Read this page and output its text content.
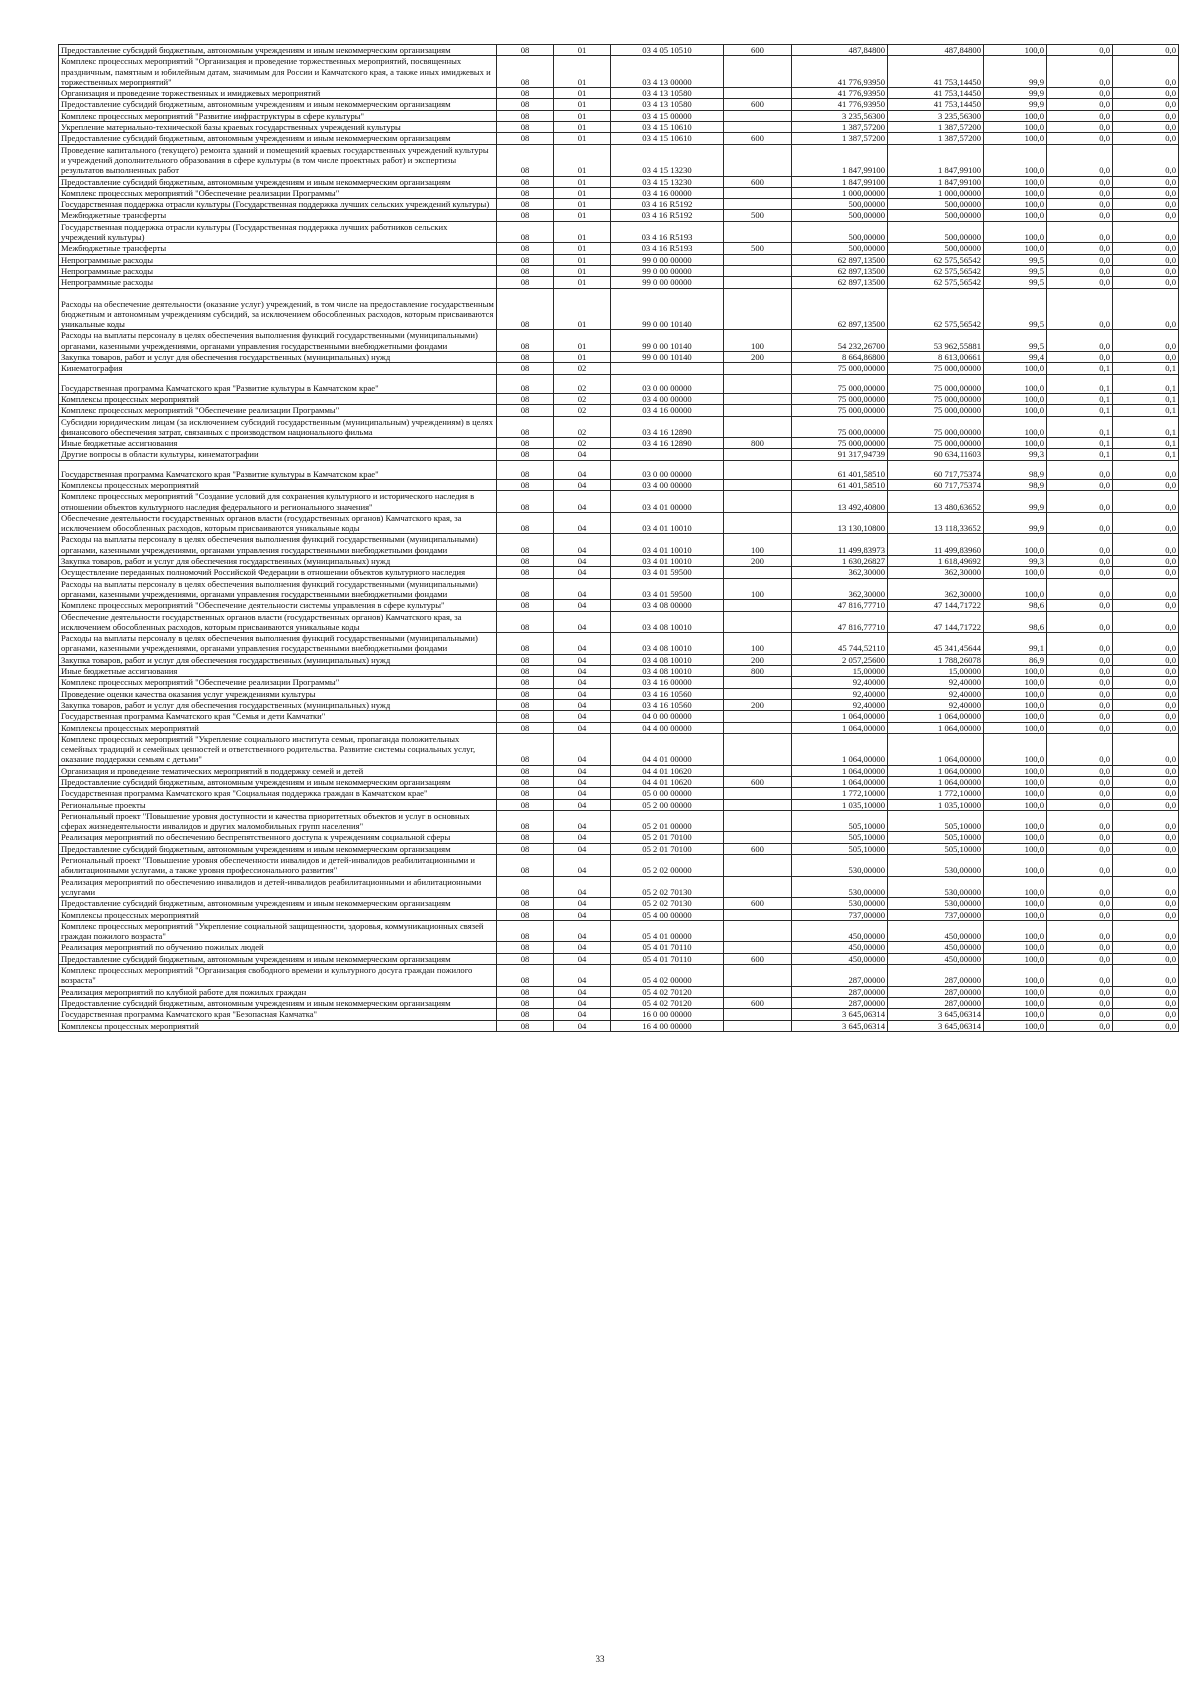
Предоставление субсидий бюджетным, автономным учреждениям и иным некоммерческим организациям	08	01	03 4 05 10510	600	487,84800	487,84800	100,0	0,0	0,0
Комплекс процессных мероприятий "Организация и проведение торжественных мероприятий, посвященных праздничным, памятным и юбилейным датам, значимым для России и Камчатского края, а также иных имиджевых и торжественных мероприятий"	08	01	03 4 13 00000		41 776,93950	41 753,14450	99,9	0,0	0,0
Организация и проведение торжественных и имиджевых мероприятий	08	01	03 4 13 10580		41 776,93950	41 753,14450	99,9	0,0	0,0
Предоставление субсидий бюджетным, автономным учреждениям и иным некоммерческим организациям	08	01	03 4 13 10580	600	41 776,93950	41 753,14450	99,9	0,0	0,0
Комплекс процессных мероприятий "Развитие инфраструктуры в сфере культуры"	08	01	03 4 15 00000		3 235,56300	3 235,56300	100,0	0,0	0,0
Укрепление материально-технической базы краевых государственных учреждений культуры	08	01	03 4 15 10610		1 387,57200	1 387,57200	100,0	0,0	0,0
Предоставление субсидий бюджетным, автономным учреждениям и иным некоммерческим организациям	08	01	03 4 15 10610	600	1 387,57200	1 387,57200	100,0	0,0	0,0
Проведение капитального (текущего) ремонта зданий и помещений краевых государственных учреждений культуры и учреждений дополнительного образования в сфере культуры (в том числе проектных работ) и экспертизы результатов выполненных работ	08	01	03 4 15 13230		1 847,99100	1 847,99100	100,0	0,0	0,0
Предоставление субсидий бюджетным, автономным учреждениям и иным некоммерческим организациям	08	01	03 4 15 13230	600	1 847,99100	1 847,99100	100,0	0,0	0,0
Комплекс процессных мероприятий "Обеспечение реализации Программы"	08	01	03 4 16 00000		1 000,00000	1 000,00000	100,0	0,0	0,0
Государственная поддержка отрасли культуры (Государственная поддержка лучших сельских учреждений культуры)	08	01	03 4 16 R5192		500,00000	500,00000	100,0	0,0	0,0
Межбюджетные трансферты	08	01	03 4 16 R5192	500	500,00000	500,00000	100,0	0,0	0,0
Государственная поддержка отрасли культуры (Государственная поддержка лучших работников сельских учреждений культуры)	08	01	03 4 16 R5193		500,00000	500,00000	100,0	0,0	0,0
Межбюджетные трансферты	08	01	03 4 16 R5193	500	500,00000	500,00000	100,0	0,0	0,0
Непрограммные расходы	08	01	99 0 00 00000		62 897,13500	62 575,56542	99,5	0,0	0,0
Непрограммные расходы	08	01	99 0 00 00000		62 897,13500	62 575,56542	99,5	0,0	0,0
Непрограммные расходы	08	01	99 0 00 00000		62 897,13500	62 575,56542	99,5	0,0	0,0
Расходы на обеспечение деятельности (оказание услуг) учреждений, в том числе на предоставление государственным бюджетным и автономным учреждениям субсидий, за исключением обособленных расходов, которым присваиваются уникальные коды	08	01	99 0 00 10140		62 897,13500	62 575,56542	99,5	0,0	0,0
Расходы на выплаты персоналу в целях обеспечения выполнения функций государственными (муниципальными) органами, казенными учреждениями, органами управления государственными внебюджетными фондами	08	01	99 0 00 10140	100	54 232,26700	53 962,55881	99,5	0,0	0,0
Закупка товаров, работ и услуг для обеспечения государственных (муниципальных) нужд	08	01	99 0 00 10140	200	8 664,86800	8 613,00661	99,4	0,0	0,0
Кинематография	08	02			75 000,00000	75 000,00000	100,0	0,1	0,1
Государственная программа Камчатского края "Развитие культуры в Камчатском крае"	08	02	03 0 00 00000		75 000,00000	75 000,00000	100,0	0,1	0,1
Комплексы процессных мероприятий	08	02	03 4 00 00000		75 000,00000	75 000,00000	100,0	0,1	0,1
Комплекс процессных мероприятий "Обеспечение реализации Программы"	08	02	03 4 16 00000		75 000,00000	75 000,00000	100,0	0,1	0,1
Субсидии юридическим лицам (за исключением субсидий государственным (муниципальным) учреждениям) в целях финансового обеспечения затрат, связанных с производством национального фильма	08	02	03 4 16 12890		75 000,00000	75 000,00000	100,0	0,1	0,1
Иные бюджетные ассигнования	08	02	03 4 16 12890	800	75 000,00000	75 000,00000	100,0	0,1	0,1
Другие вопросы в области культуры, кинематографии	08	04			91 317,94739	90 634,11603	99,3	0,1	0,1
Государственная программа Камчатского края "Развитие культуры в Камчатском крае"	08	04	03 0 00 00000		61 401,58510	60 717,75374	98,9	0,0	0,0
Комплексы процессных мероприятий	08	04	03 4 00 00000		61 401,58510	60 717,75374	98,9	0,0	0,0
Комплекс процессных мероприятий "Создание условий для сохранения культурного и исторического наследия в отношении объектов культурного наследия федерального и регионального значения"	08	04	03 4 01 00000		13 492,40800	13 480,63652	99,9	0,0	0,0
Обеспечение деятельности государственных органов власти (государственных органов) Камчатского края, за исключением обособленных расходов, которым присваиваются уникальные коды	08	04	03 4 01 10010		13 130,10800	13 118,33652	99,9	0,0	0,0
Расходы на выплаты персоналу в целях обеспечения выполнения функций государственными (муниципальными) органами, казенными учреждениями, органами управления государственными внебюджетными фондами	08	04	03 4 01 10010	100	11 499,83973	11 499,83960	100,0	0,0	0,0
Закупка товаров, работ и услуг для обеспечения государственных (муниципальных) нужд	08	04	03 4 01 10010	200	1 630,26827	1 618,49692	99,3	0,0	0,0
Осуществление переданных полномочий Российской Федерации в отношении объектов культурного наследия	08	04	03 4 01 59500		362,30000	362,30000	100,0	0,0	0,0
Расходы на выплаты персоналу в целях обеспечения выполнения функций государственными (муниципальными) органами, казенными учреждениями, органами управления государственными внебюджетными фондами	08	04	03 4 01 59500	100	362,30000	362,30000	100,0	0,0	0,0
Комплекс процессных мероприятий "Обеспечение деятельности системы управления в сфере культуры"	08	04	03 4 08 00000		47 816,77710	47 144,71722	98,6	0,0	0,0
Обеспечение деятельности государственных органов власти (государственных органов) Камчатского края, за исключением обособленных расходов, которым присваиваются уникальные коды	08	04	03 4 08 10010		47 816,77710	47 144,71722	98,6	0,0	0,0
Расходы на выплаты персоналу в целях обеспечения выполнения функций государственными (муниципальными) органами, казенными учреждениями, органами управления государственными внебюджетными фондами	08	04	03 4 08 10010	100	45 744,52110	45 341,45644	99,1	0,0	0,0
Закупка товаров, работ и услуг для обеспечения государственных (муниципальных) нужд	08	04	03 4 08 10010	200	2 057,25600	1 788,26078	86,9	0,0	0,0
Иные бюджетные ассигнования	08	04	03 4 08 10010	800	15,00000	15,00000	100,0	0,0	0,0
Комплекс процессных мероприятий "Обеспечение реализации Программы"	08	04	03 4 16 00000		92,40000	92,40000	100,0	0,0	0,0
Проведение оценки качества оказания услуг учреждениями культуры	08	04	03 4 16 10560		92,40000	92,40000	100,0	0,0	0,0
Закупка товаров, работ и услуг для обеспечения государственных (муниципальных) нужд	08	04	03 4 16 10560	200	92,40000	92,40000	100,0	0,0	0,0
Государственная программа Камчатского края "Семья и дети Камчатки"	08	04	04 0 00 00000		1 064,00000	1 064,00000	100,0	0,0	0,0
Комплексы процессных мероприятий	08	04	04 4 00 00000		1 064,00000	1 064,00000	100,0	0,0	0,0
Комплекс процессных мероприятий "Укрепление социального института семьи, пропаганда положительных семейных традиций и семейных ценностей и ответственного родительства. Развитие системы социальных услуг, оказание поддержки семьям с детьми"	08	04	04 4 01 00000		1 064,00000	1 064,00000	100,0	0,0	0,0
Организация и проведение тематических мероприятий в поддержку семей и детей	08	04	04 4 01 10620		1 064,00000	1 064,00000	100,0	0,0	0,0
Предоставление субсидий бюджетным, автономным учреждениям и иным некоммерческим организациям	08	04	04 4 01 10620	600	1 064,00000	1 064,00000	100,0	0,0	0,0
Государственная программа Камчатского края "Социальная поддержка граждан в Камчатском крае"	08	04	05 0 00 00000		1 772,10000	1 772,10000	100,0	0,0	0,0
Региональные проекты	08	04	05 2 00 00000		1 035,10000	1 035,10000	100,0	0,0	0,0
Региональный проект "Повышение уровня доступности и качества приоритетных объектов и услуг в основных сферах жизнедеятельности инвалидов и других маломобильных групп населения"	08	04	05 2 01 00000		505,10000	505,10000	100,0	0,0	0,0
Реализация мероприятий по обеспечению беспрепятственного доступа к учреждениям социальной сферы	08	04	05 2 01 70100		505,10000	505,10000	100,0	0,0	0,0
Предоставление субсидий бюджетным, автономным учреждениям и иным некоммерческим организациям	08	04	05 2 01 70100	600	505,10000	505,10000	100,0	0,0	0,0
Региональный проект "Повышение уровня обеспеченности инвалидов и детей-инвалидов реабилитационными и абилитационными услугами, а также уровня профессионального развития"	08	04	05 2 02 00000		530,00000	530,00000	100,0	0,0	0,0
Реализация мероприятий по обеспечению инвалидов и детей-инвалидов реабилитационными и абилитационными услугами	08	04	05 2 02 70130		530,00000	530,00000	100,0	0,0	0,0
Предоставление субсидий бюджетным, автономным учреждениям и иным некоммерческим организациям	08	04	05 2 02 70130	600	530,00000	530,00000	100,0	0,0	0,0
Комплексы процессных мероприятий	08	04	05 4 00 00000		737,00000	737,00000	100,0	0,0	0,0
Комплекс процессных мероприятий "Укрепление социальной защищенности, здоровья, коммуникационных связей граждан пожилого возраста"	08	04	05 4 01 00000		450,00000	450,00000	100,0	0,0	0,0
Реализация мероприятий по обучению пожилых людей	08	04	05 4 01 70110		450,00000	450,00000	100,0	0,0	0,0
Предоставление субсидий бюджетным, автономным учреждениям и иным некоммерческим организациям	08	04	05 4 01 70110	600	450,00000	450,00000	100,0	0,0	0,0
Комплекс процессных мероприятий "Организация свободного времени и культурного досуга граждан пожилого возраста"	08	04	05 4 02 00000		287,00000	287,00000	100,0	0,0	0,0
Реализация мероприятий по клубной работе для пожилых граждан	08	04	05 4 02 70120		287,00000	287,00000	100,0	0,0	0,0
Предоставление субсидий бюджетным, автономным учреждениям и иным некоммерческим организациям	08	04	05 4 02 70120	600	287,00000	287,00000	100,0	0,0	0,0
Государственная программа Камчатского края "Безопасная Камчатка"	08	04	16 0 00 00000		3 645,06314	3 645,06314	100,0	0,0	0,0
Комплексы процессных мероприятий	08	04	16 4 00 00000		3 645,06314	3 645,06314	100,0	0,0	0,0
33
